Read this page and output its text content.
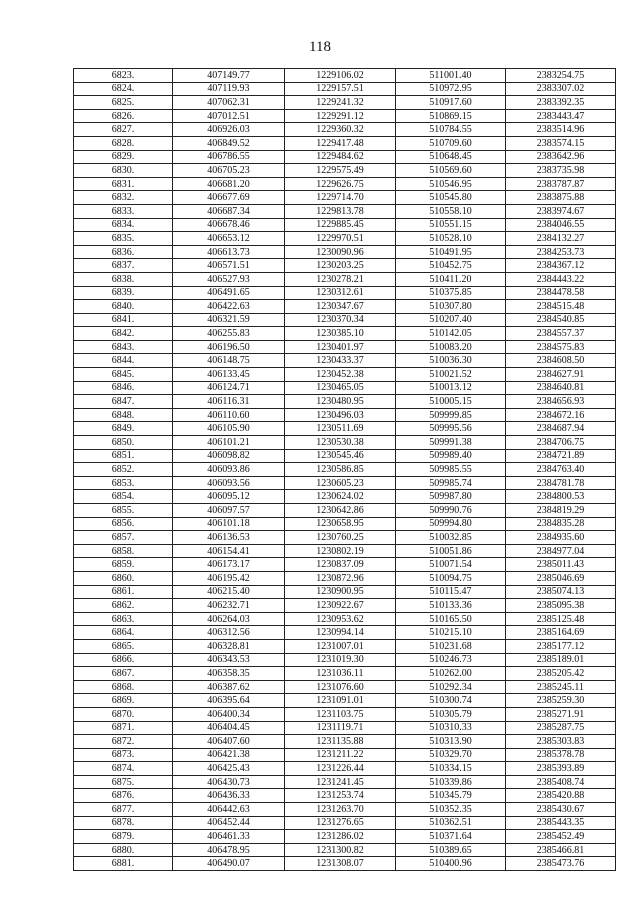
118
6823.	407149.77	1229106.02	511001.40	2383254.75
6824.	407119.93	1229157.51	510972.95	2383307.02
6825.	407062.31	1229241.32	510917.60	2383392.35
6826.	407012.51	1229291.12	510869.15	2383443.47
6827.	406926.03	1229360.32	510784.55	2383514.96
6828.	406849.52	1229417.48	510709.60	2383574.15
6829.	406786.55	1229484.62	510648.45	2383642.96
6830.	406705.23	1229575.49	510569.60	2383735.98
6831.	406681.20	1229626.75	510546.95	2383787.87
6832.	406677.69	1229714.70	510545.80	2383875.88
6833.	406687.34	1229813.78	510558.10	2383974.67
6834.	406678.46	1229885.45	510551.15	2384046.55
6835.	406653.12	1229970.51	510528.10	2384132.27
6836.	406613.73	1230090.96	510491.95	2384253.73
6837.	406571.51	1230203.25	510452.75	2384367.12
6838.	406527.93	1230278.21	510411.20	2384443.22
6839.	406491.65	1230312.61	510375.85	2384478.58
6840.	406422.63	1230347.67	510307.80	2384515.48
6841.	406321.59	1230370.34	510207.40	2384540.85
6842.	406255.83	1230385.10	510142.05	2384557.37
6843.	406196.50	1230401.97	510083.20	2384575.83
6844.	406148.75	1230433.37	510036.30	2384608.50
6845.	406133.45	1230452.38	510021.52	2384627.91
6846.	406124.71	1230465.05	510013.12	2384640.81
6847.	406116.31	1230480.95	510005.15	2384656.93
6848.	406110.60	1230496.03	509999.85	2384672.16
6849.	406105.90	1230511.69	509995.56	2384687.94
6850.	406101.21	1230530.38	509991.38	2384706.75
6851.	406098.82	1230545.46	509989.40	2384721.89
6852.	406093.86	1230586.85	509985.55	2384763.40
6853.	406093.56	1230605.23	509985.74	2384781.78
6854.	406095.12	1230624.02	509987.80	2384800.53
6855.	406097.57	1230642.86	509990.76	2384819.29
6856.	406101.18	1230658.95	509994.80	2384835.28
6857.	406136.53	1230760.25	510032.85	2384935.60
6858.	406154.41	1230802.19	510051.86	2384977.04
6859.	406173.17	1230837.09	510071.54	2385011.43
6860.	406195.42	1230872.96	510094.75	2385046.69
6861.	406215.40	1230900.95	510115.47	2385074.13
6862.	406232.71	1230922.67	510133.36	2385095.38
6863.	406264.03	1230953.62	510165.50	2385125.48
6864.	406312.56	1230994.14	510215.10	2385164.69
6865.	406328.81	1231007.01	510231.68	2385177.12
6866.	406343.53	1231019.30	510246.73	2385189.01
6867.	406358.35	1231036.11	510262.00	2385205.42
6868.	406387.62	1231076.60	510292.34	2385245.11
6869.	406395.64	1231091.01	510300.74	2385259.30
6870.	406400.34	1231103.75	510305.79	2385271.91
6871.	406404.45	1231119.71	510310.33	2385287.75
6872.	406407.60	1231135.88	510313.90	2385303.83
6873.	406421.38	1231211.22	510329.70	2385378.78
6874.	406425.43	1231226.44	510334.15	2385393.89
6875.	406430.73	1231241.45	510339.86	2385408.74
6876.	406436.33	1231253.74	510345.79	2385420.88
6877.	406442.63	1231263.70	510352.35	2385430.67
6878.	406452.44	1231276.65	510362.51	2385443.35
6879.	406461.33	1231286.02	510371.64	2385452.49
6880.	406478.95	1231300.82	510389.65	2385466.81
6881.	406490.07	1231308.07	510400.96	2385473.76
